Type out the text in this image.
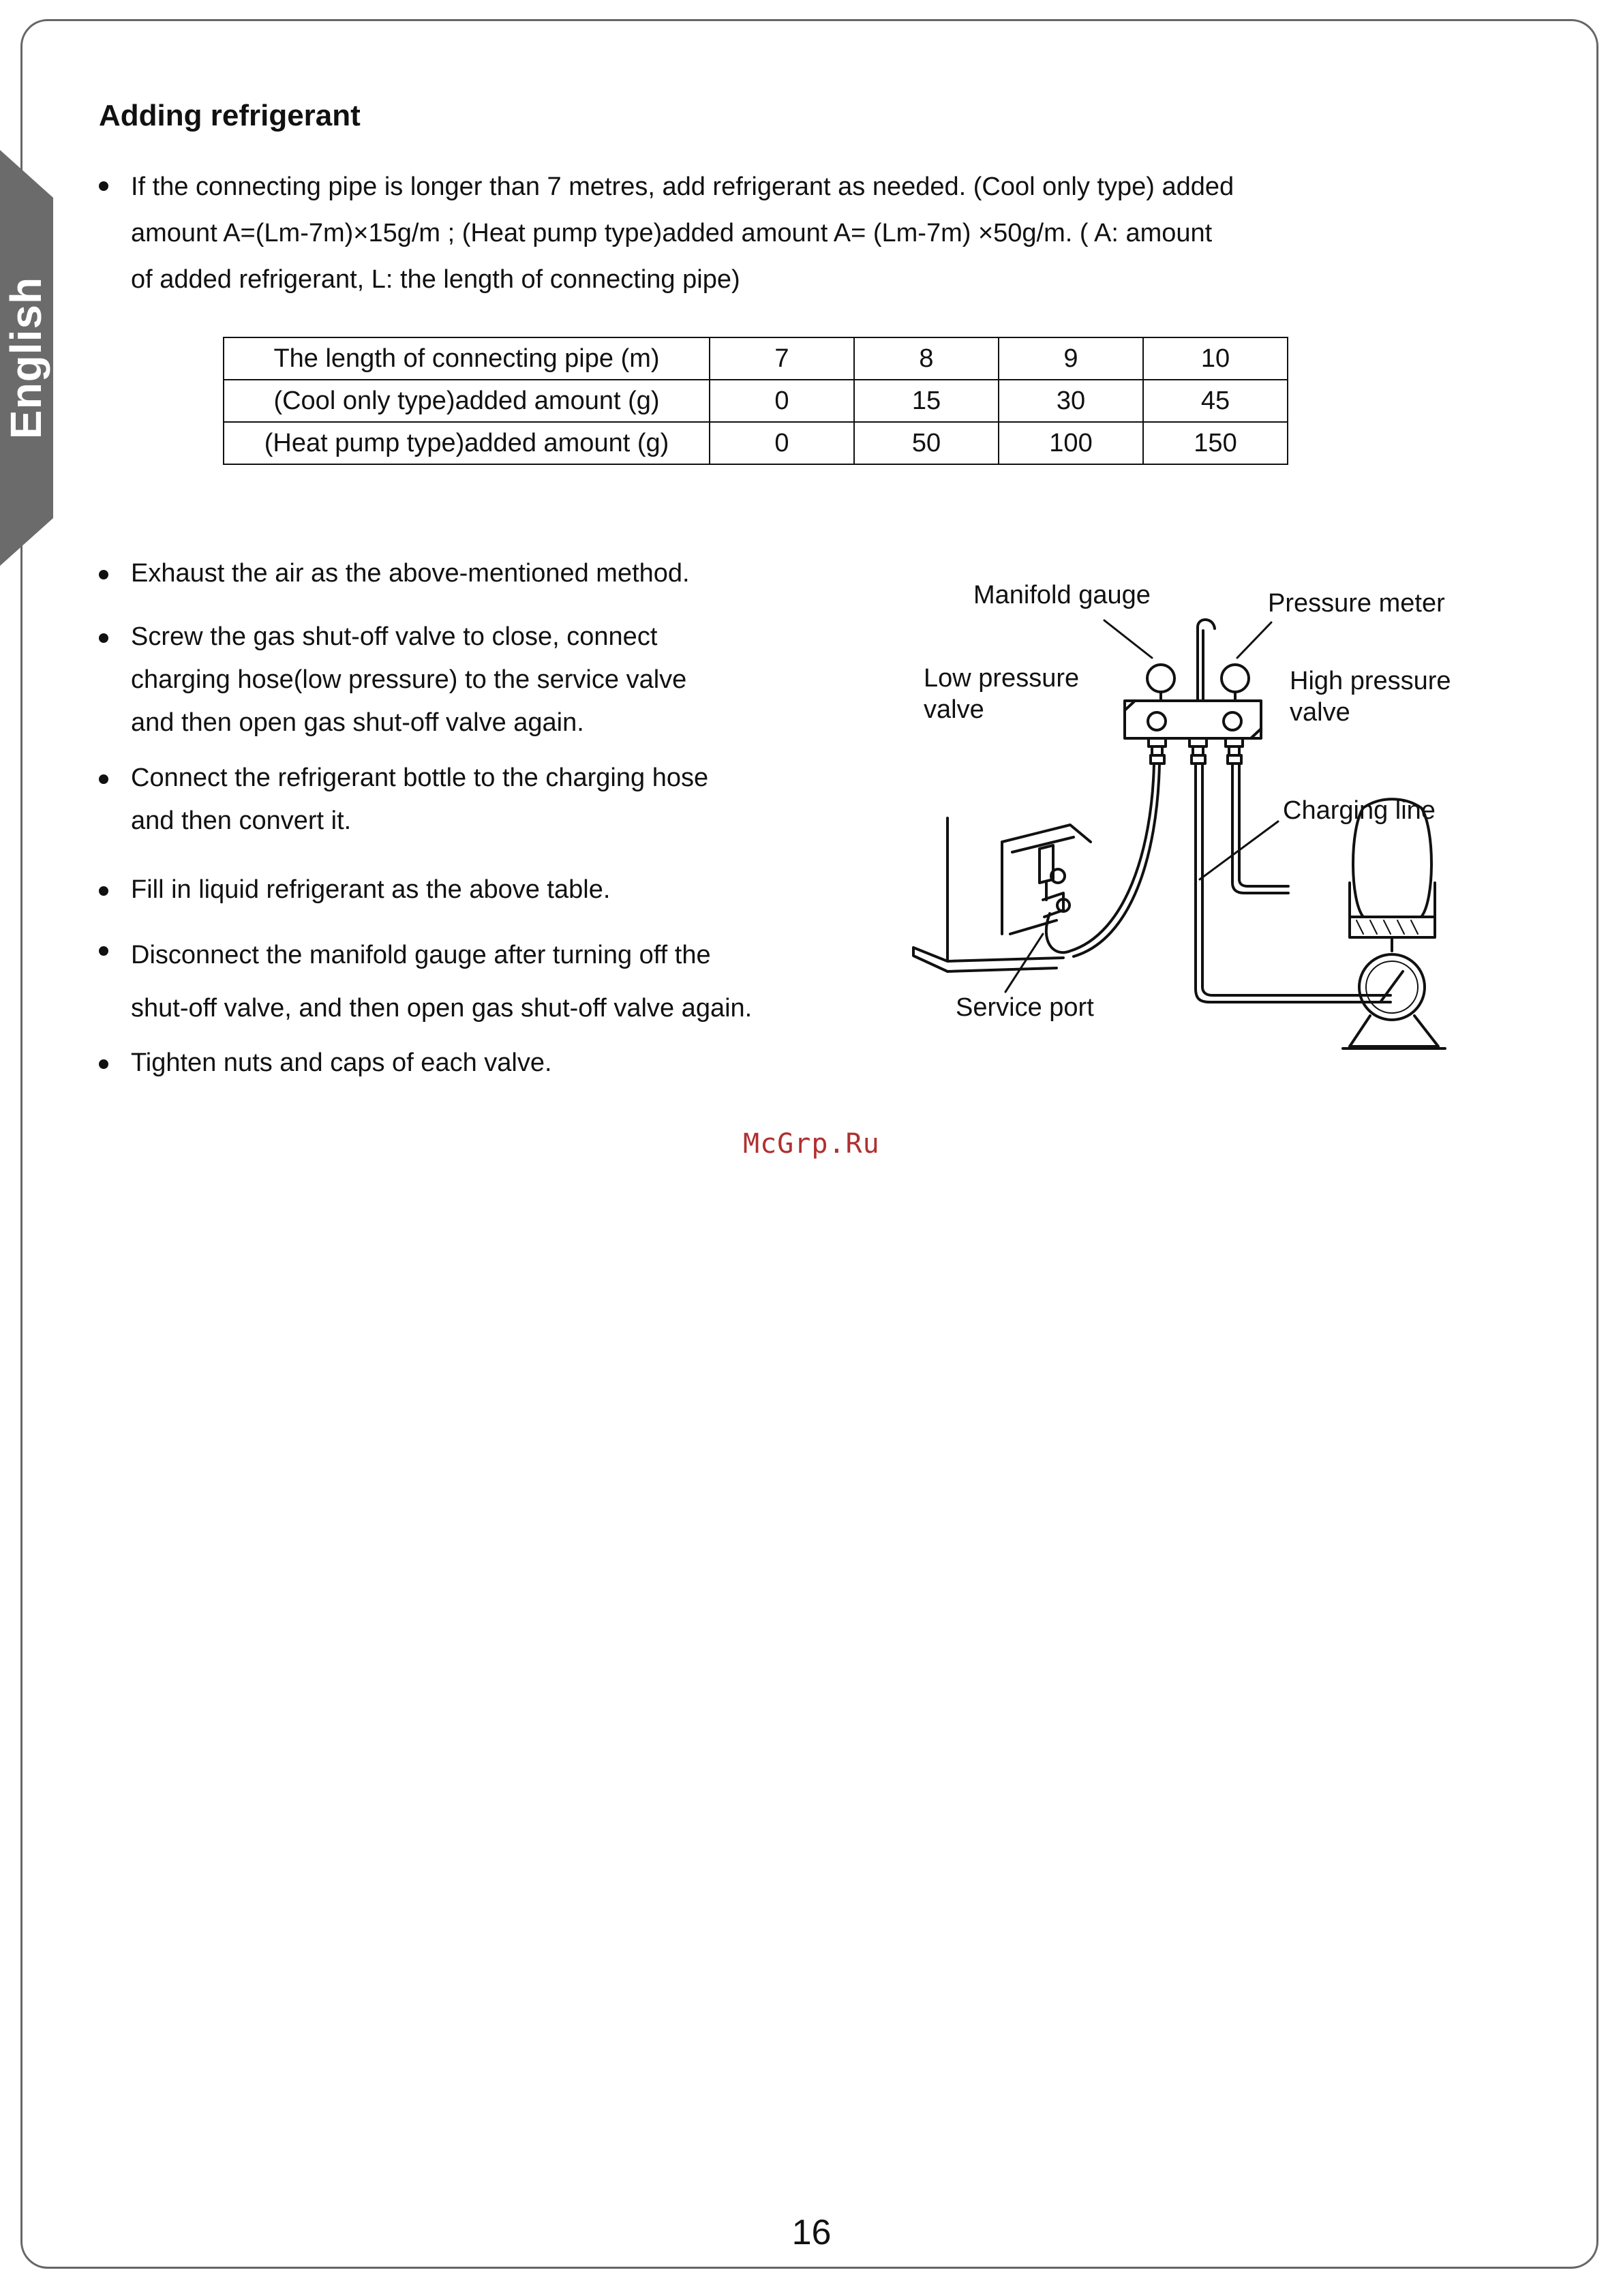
English
Adding refrigerant
If the connecting pipe is longer than 7 metres, add refrigerant as needed. (Cool only type) added
amount A=(Lm-7m)×15g/m ; (Heat pump type)added amount A= (Lm-7m) ×50g/m. ( A: amount
of added refrigerant, L: the length of connecting pipe)
The length of connecting pipe (m)	7	8	9	10
(Cool only type)added amount (g)	0	15	30	45
(Heat pump type)added amount (g)	0	50	100	150
Exhaust the air as the above-mentioned method.
Screw the gas shut-off valve to close, connect
charging hose(low pressure) to the service valve
and then open gas shut-off valve again.
Connect the refrigerant bottle to the charging hose
and then convert it.
Fill in liquid refrigerant as the above table.
Disconnect the manifold gauge after turning off the
shut-off valve, and then open gas shut-off valve again.
Tighten nuts and caps of each valve.
Manifold gauge	Pressure meter
Low pressure
valve
High pressure
valve
Charging line
Service port
McGrp.Ru
16
